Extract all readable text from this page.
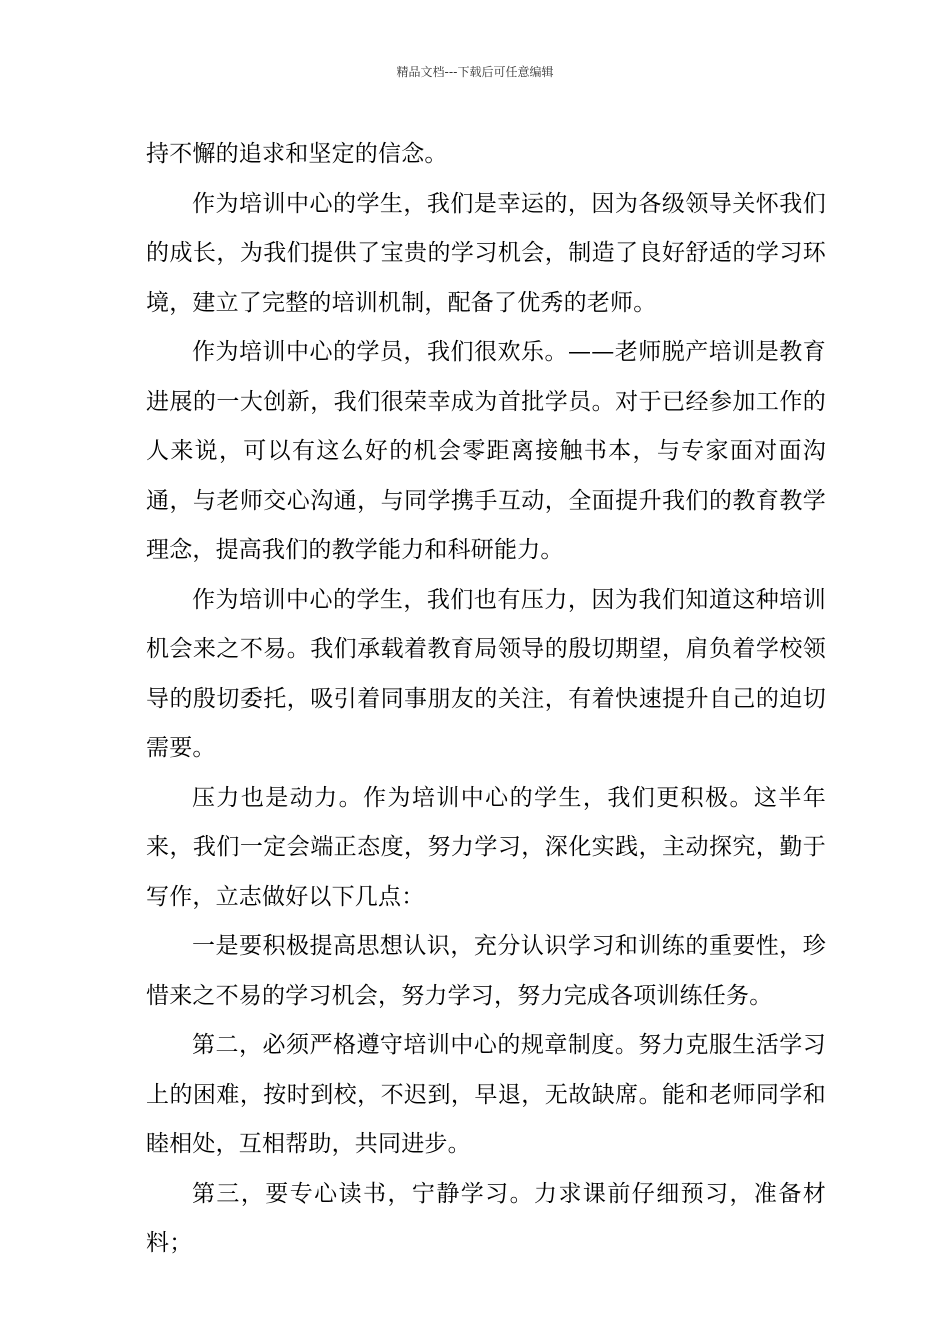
精品文档---下载后可任意编辑

持不懈的追求和坚定的信念。

作为培训中心的学生，我们是幸运的，因为各级领导关怀我们的成长，为我们提供了宝贵的学习机会，制造了良好舒适的学习环境，建立了完整的培训机制，配备了优秀的老师。

作为培训中心的学员，我们很欢乐。——老师脱产培训是教育进展的一大创新，我们很荣幸成为首批学员。对于已经参加工作的人来说，可以有这么好的机会零距离接触书本，与专家面对面沟通，与老师交心沟通，与同学携手互动，全面提升我们的教育教学理念，提高我们的教学能力和科研能力。

作为培训中心的学生，我们也有压力，因为我们知道这种培训机会来之不易。我们承载着教育局领导的殷切期望，肩负着学校领导的殷切委托，吸引着同事朋友的关注，有着快速提升自己的迫切需要。

压力也是动力。作为培训中心的学生，我们更积极。这半年来，我们一定会端正态度，努力学习，深化实践，主动探究，勤于写作，立志做好以下几点：

一是要积极提高思想认识，充分认识学习和训练的重要性，珍惜来之不易的学习机会，努力学习，努力完成各项训练任务。

第二，必须严格遵守培训中心的规章制度。努力克服生活学习上的困难，按时到校，不迟到，早退，无故缺席。能和老师同学和睦相处，互相帮助，共同进步。

第三，要专心读书，宁静学习。力求课前仔细预习，准备材料；
